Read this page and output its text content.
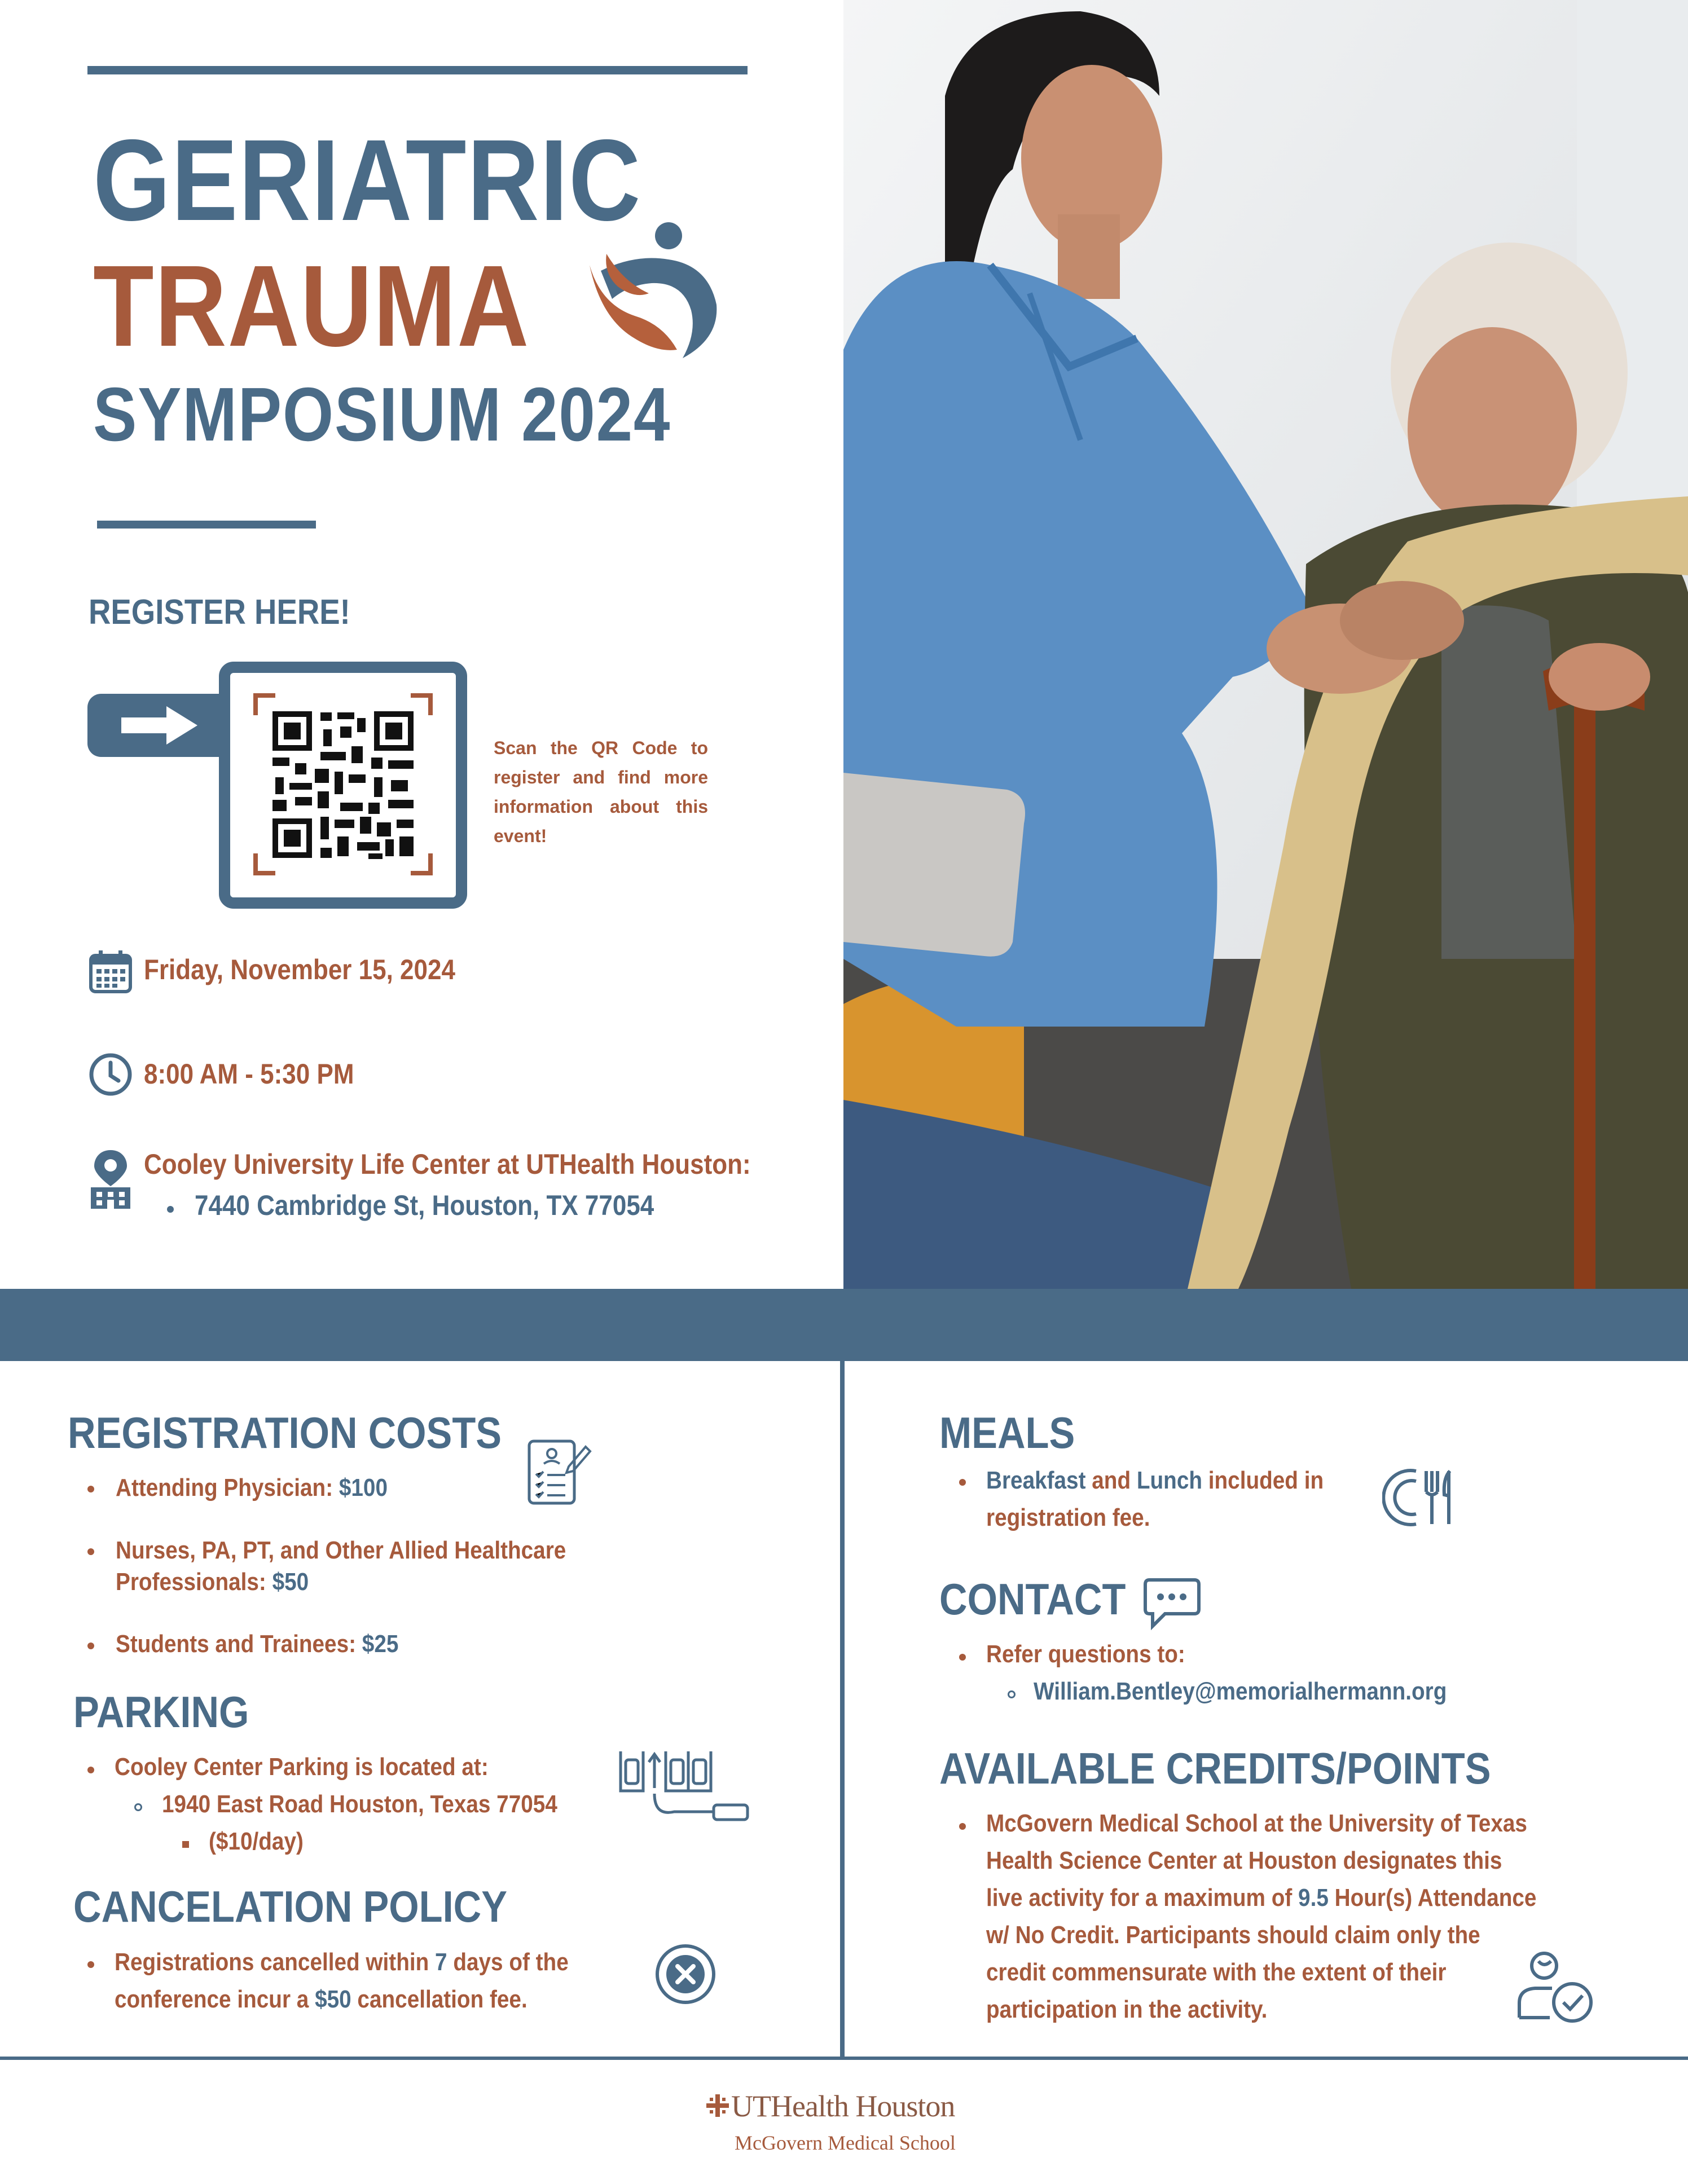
GERIATRIC
TRAUMA
SYMPOSIUM 2024
REGISTER HERE!
Scan the QR Code to register and find more information about this event!
Friday, November 15, 2024
8:00 AM - 5:30 PM
Cooley University Life Center at UTHealth Houston:
7440 Cambridge St, Houston, TX 77054
REGISTRATION COSTS
Attending Physician: $100
Nurses, PA, PT, and Other Allied Healthcare
Professionals: $50
Students and Trainees: $25
PARKING
Cooley Center Parking is located at:
1940 East Road Houston, Texas 77054
($10/day)
CANCELATION POLICY
Registrations cancelled within 7 days of the
conference incur a $50 cancellation fee.
MEALS
Breakfast and Lunch included in
registration fee.
CONTACT
Refer questions to:
William.Bentley@memorialhermann.org
AVAILABLE CREDITS/POINTS
McGovern Medical School at the University of Texas
Health Science Center at Houston designates this
live activity for a maximum of 9.5 Hour(s) Attendance
w/ No Credit. Participants should claim only the
credit commensurate with the extent of their
participation in the activity.
UTHealth Houston
McGovern Medical School
